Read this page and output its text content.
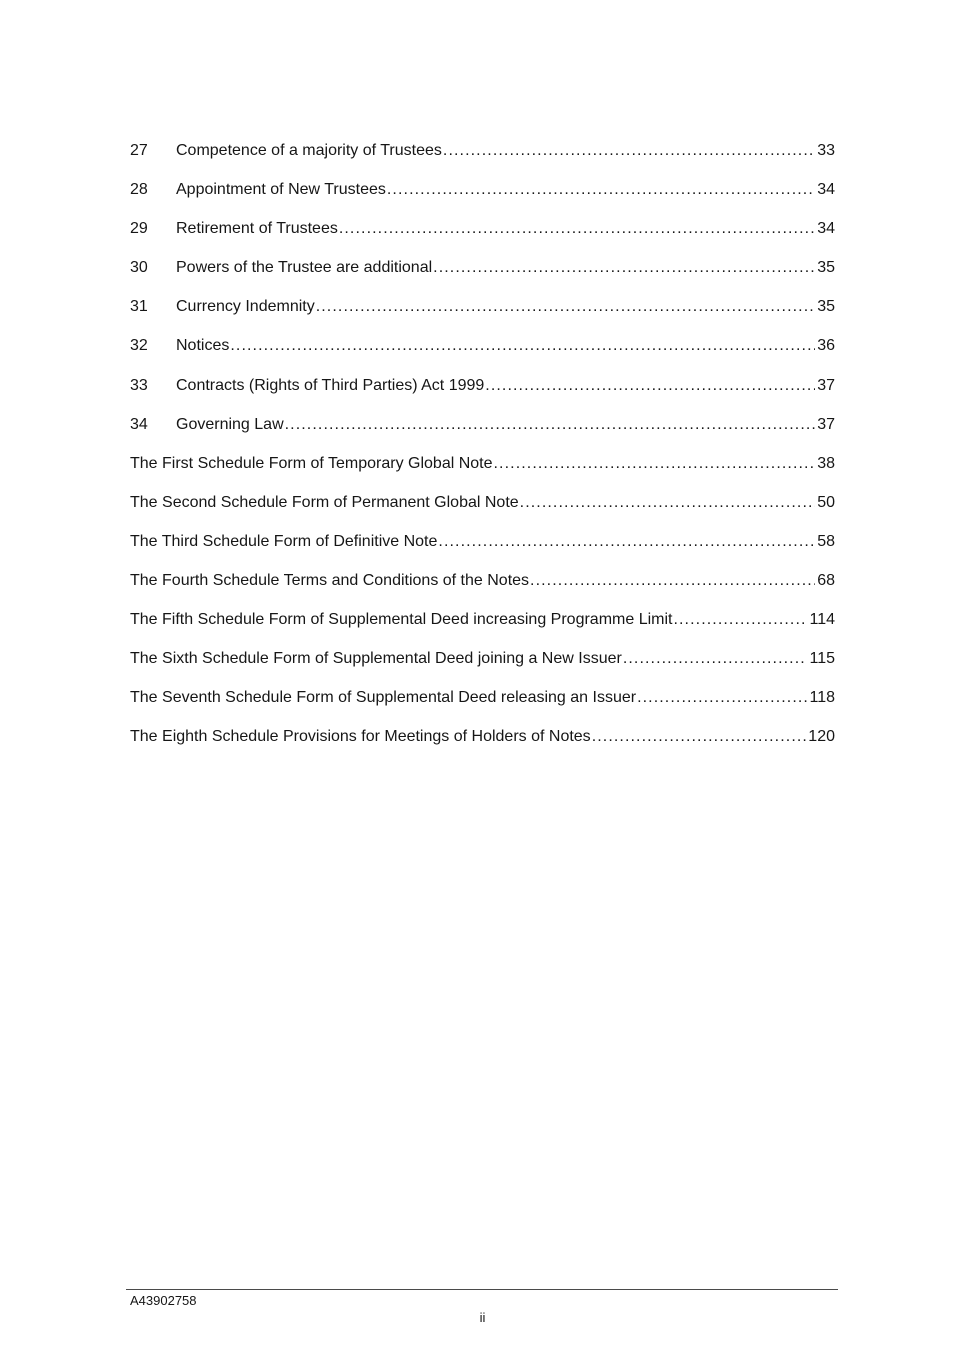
27	Competence of a majority of Trustees .....	33
28	Appointment of New Trustees .....	34
29	Retirement of Trustees .....	34
30	Powers of the Trustee are additional .....	35
31	Currency Indemnity .....	35
32	Notices .....	36
33	Contracts (Rights of Third Parties) Act 1999 .....	37
34	Governing Law .....	37
The First Schedule Form of Temporary Global Note .....	38
The Second Schedule Form of Permanent Global Note .....	50
The Third Schedule Form of Definitive Note .....	58
The Fourth Schedule Terms and Conditions of the Notes .....	68
The Fifth Schedule Form of Supplemental Deed increasing Programme Limit .....	114
The Sixth Schedule Form of Supplemental Deed joining a New Issuer .....	115
The Seventh Schedule Form of Supplemental Deed releasing an Issuer .....	118
The Eighth Schedule Provisions for Meetings of Holders of Notes .....	120
A43902758
ii
